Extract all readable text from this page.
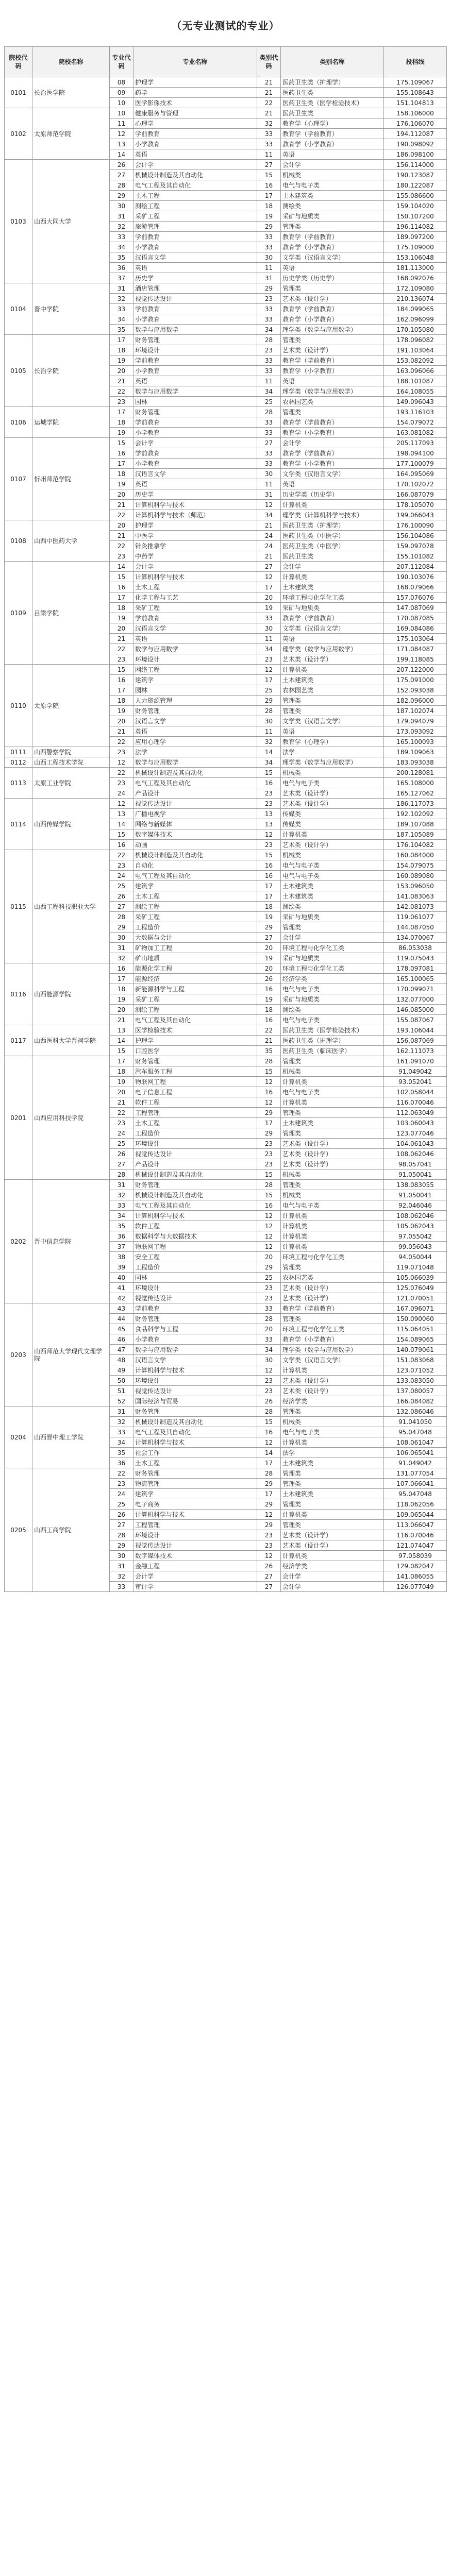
（无专业测试的专业）
院校代码	院校名称	专业代码	专业名称	类别代码	类别名称	投档线
0101	长治医学院	08	护理学	21	医药卫生类（护理学）	175.109067
		09	药学	21	医药卫生类	155.108643
		10	医学影像技术	22	医药卫生类（医学检验技术）	151.104813
0102	太原师范学院	10	健康服务与管理	21	医药卫生类	158.106000
		11	心理学	32	教育学（心理学）	176.106070
		12	学前教育	33	教育学（学前教育）	194.112087
		13	小学教育	33	教育学（小学教育）	190.098092
		14	英语	11	英语	186.098100
0103	山西大同大学	26	会计学	27	会计学	156.114000
		27	机械设计制造及其自动化	15	机械类	190.123087
		28	电气工程及其自动化	16	电气与电子类	180.122087
		29	土木工程	17	土木建筑类	155.086600
		30	测绘工程	18	测绘类	159.104020
		31	采矿工程	19	采矿与地质类	150.107200
		32	旅游管理	29	管理类	196.114082
		33	学前教育	33	教育学（学前教育）	189.097200
		34	小学教育	33	教育学（小学教育）	175.109000
		35	汉语言文学	30	文学类（汉语言文学）	153.106048
		36	英语	11	英语	181.113000
		37	历史学	31	历史学类（历史学）	168.092076
0104	晋中学院	31	酒店管理	29	管理类	172.109080
		32	视觉传达设计	23	艺术类（设计学）	210.136074
		33	学前教育	33	教育学（学前教育）	184.099065
		34	小学教育	33	教育学（小学教育）	162.096099
		35	数学与应用数学	34	理学类（数学与应用数学）	170.105080
0105	长治学院	17	财务管理	28	管理类	178.096082
		18	环境设计	23	艺术类（设计学）	191.103064
		19	学前教育	33	教育学（学前教育）	153.082092
		20	小学教育	33	教育学（小学教育）	163.096066
		21	英语	11	英语	188.101087
		22	数学与应用数学	34	理学类（数学与应用数学）	164.108055
		23	园林	25	农林园艺类	149.096043
0106	运城学院	17	财务管理	28	管理类	193.116103
		18	学前教育	33	教育学（学前教育）	154.079072
		19	小学教育	33	教育学（小学教育）	163.081082
0107	忻州师范学院	15	会计学	27	会计学	205.117093
		16	学前教育	33	教育学（学前教育）	198.094100
		17	小学教育	33	教育学（小学教育）	177.100079
		18	汉语言文学	30	文学类（汉语言文学）	164.095069
		19	英语	11	英语	170.102072
		20	历史学	31	历史学类（历史学）	166.087079
		21	计算机科学与技术	12	计算机类	178.105070
		22	计算机科学与技术（师范）	34	理学类（计算机科学与技术）	199.066043
0108	山西中医药大学	20	护理学	21	医药卫生类（护理学）	176.100090
		21	中医学	24	医药卫生类（中医学）	156.104086
		22	针灸推拿学	24	医药卫生类（中医学）	159.097078
		23	中药学	21	医药卫生类	155.101082
0109	吕梁学院	14	会计学	27	会计学	207.112084
		15	计算机科学与技术	12	计算机类	190.103076
		16	土木工程	17	土木建筑类	168.079066
		17	化学工程与工艺	20	环境工程与化学化工类	157.076076
		18	采矿工程	19	采矿与地质类	147.087069
		19	学前教育	33	教育学（学前教育）	170.087085
		20	汉语言文学	30	文学类（汉语言文学）	169.084086
		21	英语	11	英语	175.103064
		22	数学与应用数学	34	理学类（数学与应用数学）	171.084087
		23	环境设计	23	艺术类（设计学）	199.118085
0110	太原学院	15	网络工程	12	计算机类	207.122000
		16	建筑学	17	土木建筑类	175.091000
		17	园林	25	农林园艺类	152.093038
		18	人力资源管理	29	管理类	182.096000
		19	财务管理	28	管理类	187.102074
		20	汉语言文学	30	文学类（汉语言文学）	179.094079
		21	英语	11	英语	173.093092
		22	应用心理学	32	教育学（心理学）	165.100093
0111	山西警察学院	23	法学	14	法学	189.109063
0112	山西工程技术学院	12	数学与应用数学	34	理学类（数学与应用数学）	183.093038
0113	太原工业学院	22	机械设计制造及其自动化	15	机械类	200.128081
		23	电气工程及其自动化	16	电气与电子类	165.108000
		24	产品设计	23	艺术类（设计学）	165.127062
0114	山西传媒学院	12	视觉传达设计	23	艺术类（设计学）	186.117073
		13	广播电视学	13	传媒类	192.102092
		14	网络与新媒体	13	传媒类	189.107088
		15	数字媒体技术	12	计算机类	187.105089
		16	动画	23	艺术类（设计学）	176.104082
0115	山西工程科技职业大学	22	机械设计制造及其自动化	15	机械类	160.084000
		23	自动化	16	电气与电子类	154.079075
		24	电气工程及其自动化	16	电气与电子类	160.089080
		25	建筑学	17	土木建筑类	153.096050
		26	土木工程	17	土木建筑类	141.083063
		27	测绘工程	18	测绘类	142.081073
		28	采矿工程	19	采矿与地质类	119.061077
		29	工程造价	29	管理类	144.087050
		30	大数据与会计	27	会计学	134.070067
		31	矿物加工工程	20	环境工程与化学化工类	86.053038
		32	矿山地质	19	采矿与地质类	119.075043
0116	山西能源学院	16	能源化学工程	20	环境工程与化学化工类	178.097081
		17	能源经济	26	经济学类	165.100065
		18	新能源科学与工程	16	电气与电子类	170.099071
		19	采矿工程	19	采矿与地质类	132.077000
		20	测绘工程	18	测绘类	146.085000
		21	电气工程及其自动化	16	电气与电子类	155.087067
0117	山西医科大学晋祠学院	13	医学检验技术	22	医药卫生类（医学检验技术）	193.106044
		14	护理学	21	医药卫生类（护理学）	156.087069
		15	口腔医学	35	医药卫生类（临床医学）	162.111073
0201	山西应用科技学院	17	财务管理	28	管理类	161.091070
		18	汽车服务工程	15	机械类	91.049042
		19	物联网工程	12	计算机类	93.052041
		20	电子信息工程	16	电气与电子类	102.058044
		21	软件工程	12	计算机类	116.070046
		22	工程管理	29	管理类	112.063049
		23	土木工程	17	土木建筑类	103.060043
		24	工程造价	29	管理类	123.077046
		25	环境设计	23	艺术类（设计学）	104.061043
		26	视觉传达设计	23	艺术类（设计学）	108.062046
		27	产品设计	23	艺术类（设计学）	98.057041
		28	机械设计制造及其自动化	15	机械类	91.050041
0202	晋中信息学院	31	财务管理	28	管理类	138.083055
		32	机械设计制造及其自动化	15	机械类	91.050041
		33	电气工程及其自动化	16	电气与电子类	92.046046
		34	计算机科学与技术	12	计算机类	108.062046
		35	软件工程	12	计算机类	105.062043
		36	数据科学与大数据技术	12	计算机类	97.055042
		37	物联网工程	12	计算机类	99.056043
		38	安全工程	20	环境工程与化学化工类	94.050044
		39	工程造价	29	管理类	119.071048
		40	园林	25	农林园艺类	105.066039
		41	环境设计	23	艺术类（设计学）	125.076049
		42	视觉传达设计	23	艺术类（设计学）	121.070051
0203	山西师范大学现代文理学院	43	学前教育	33	教育学（学前教育）	167.096071
		44	财务管理	28	管理类	150.090060
		45	食品科学与工程	20	环境工程与化学化工类	115.064051
		46	小学教育	33	教育学（小学教育）	154.089065
		47	数学与应用数学	34	理学类（数学与应用数学）	140.079061
		48	汉语言文学	30	文学类（汉语言文学）	151.083068
		49	计算机科学与技术	12	计算机类	123.071052
		50	环境设计	23	艺术类（设计学）	133.083050
		51	视觉传达设计	23	艺术类（设计学）	137.080057
		52	国际经济与贸易	26	经济学类	166.084082
0204	山西晋中理工学院	31	财务管理	28	管理类	132.086046
		32	机械设计制造及其自动化	15	机械类	91.041050
		33	电气工程及其自动化	16	电气与电子类	95.047048
		34	计算机科学与技术	12	计算机类	108.061047
		35	社会工作	14	法学	106.065041
		36	土木工程	17	土木建筑类	91.049042
0205	山西工商学院	22	财务管理	28	管理类	131.077054
		23	物流管理	29	管理类	107.066041
		24	建筑学	17	土木建筑类	95.047048
		25	电子商务	29	管理类	118.062056
		26	计算机科学与技术	12	计算机类	109.065044
		27	工程管理	29	管理类	113.066047
		28	环境设计	23	艺术类（设计学）	116.070046
		29	视觉传达设计	23	艺术类（设计学）	121.074047
		30	数字媒体技术	12	计算机类	97.058039
		31	金融工程	26	经济学类	129.082047
		32	会计学	27	会计学	141.086055
		33	审计学	27	会计学	126.077049
